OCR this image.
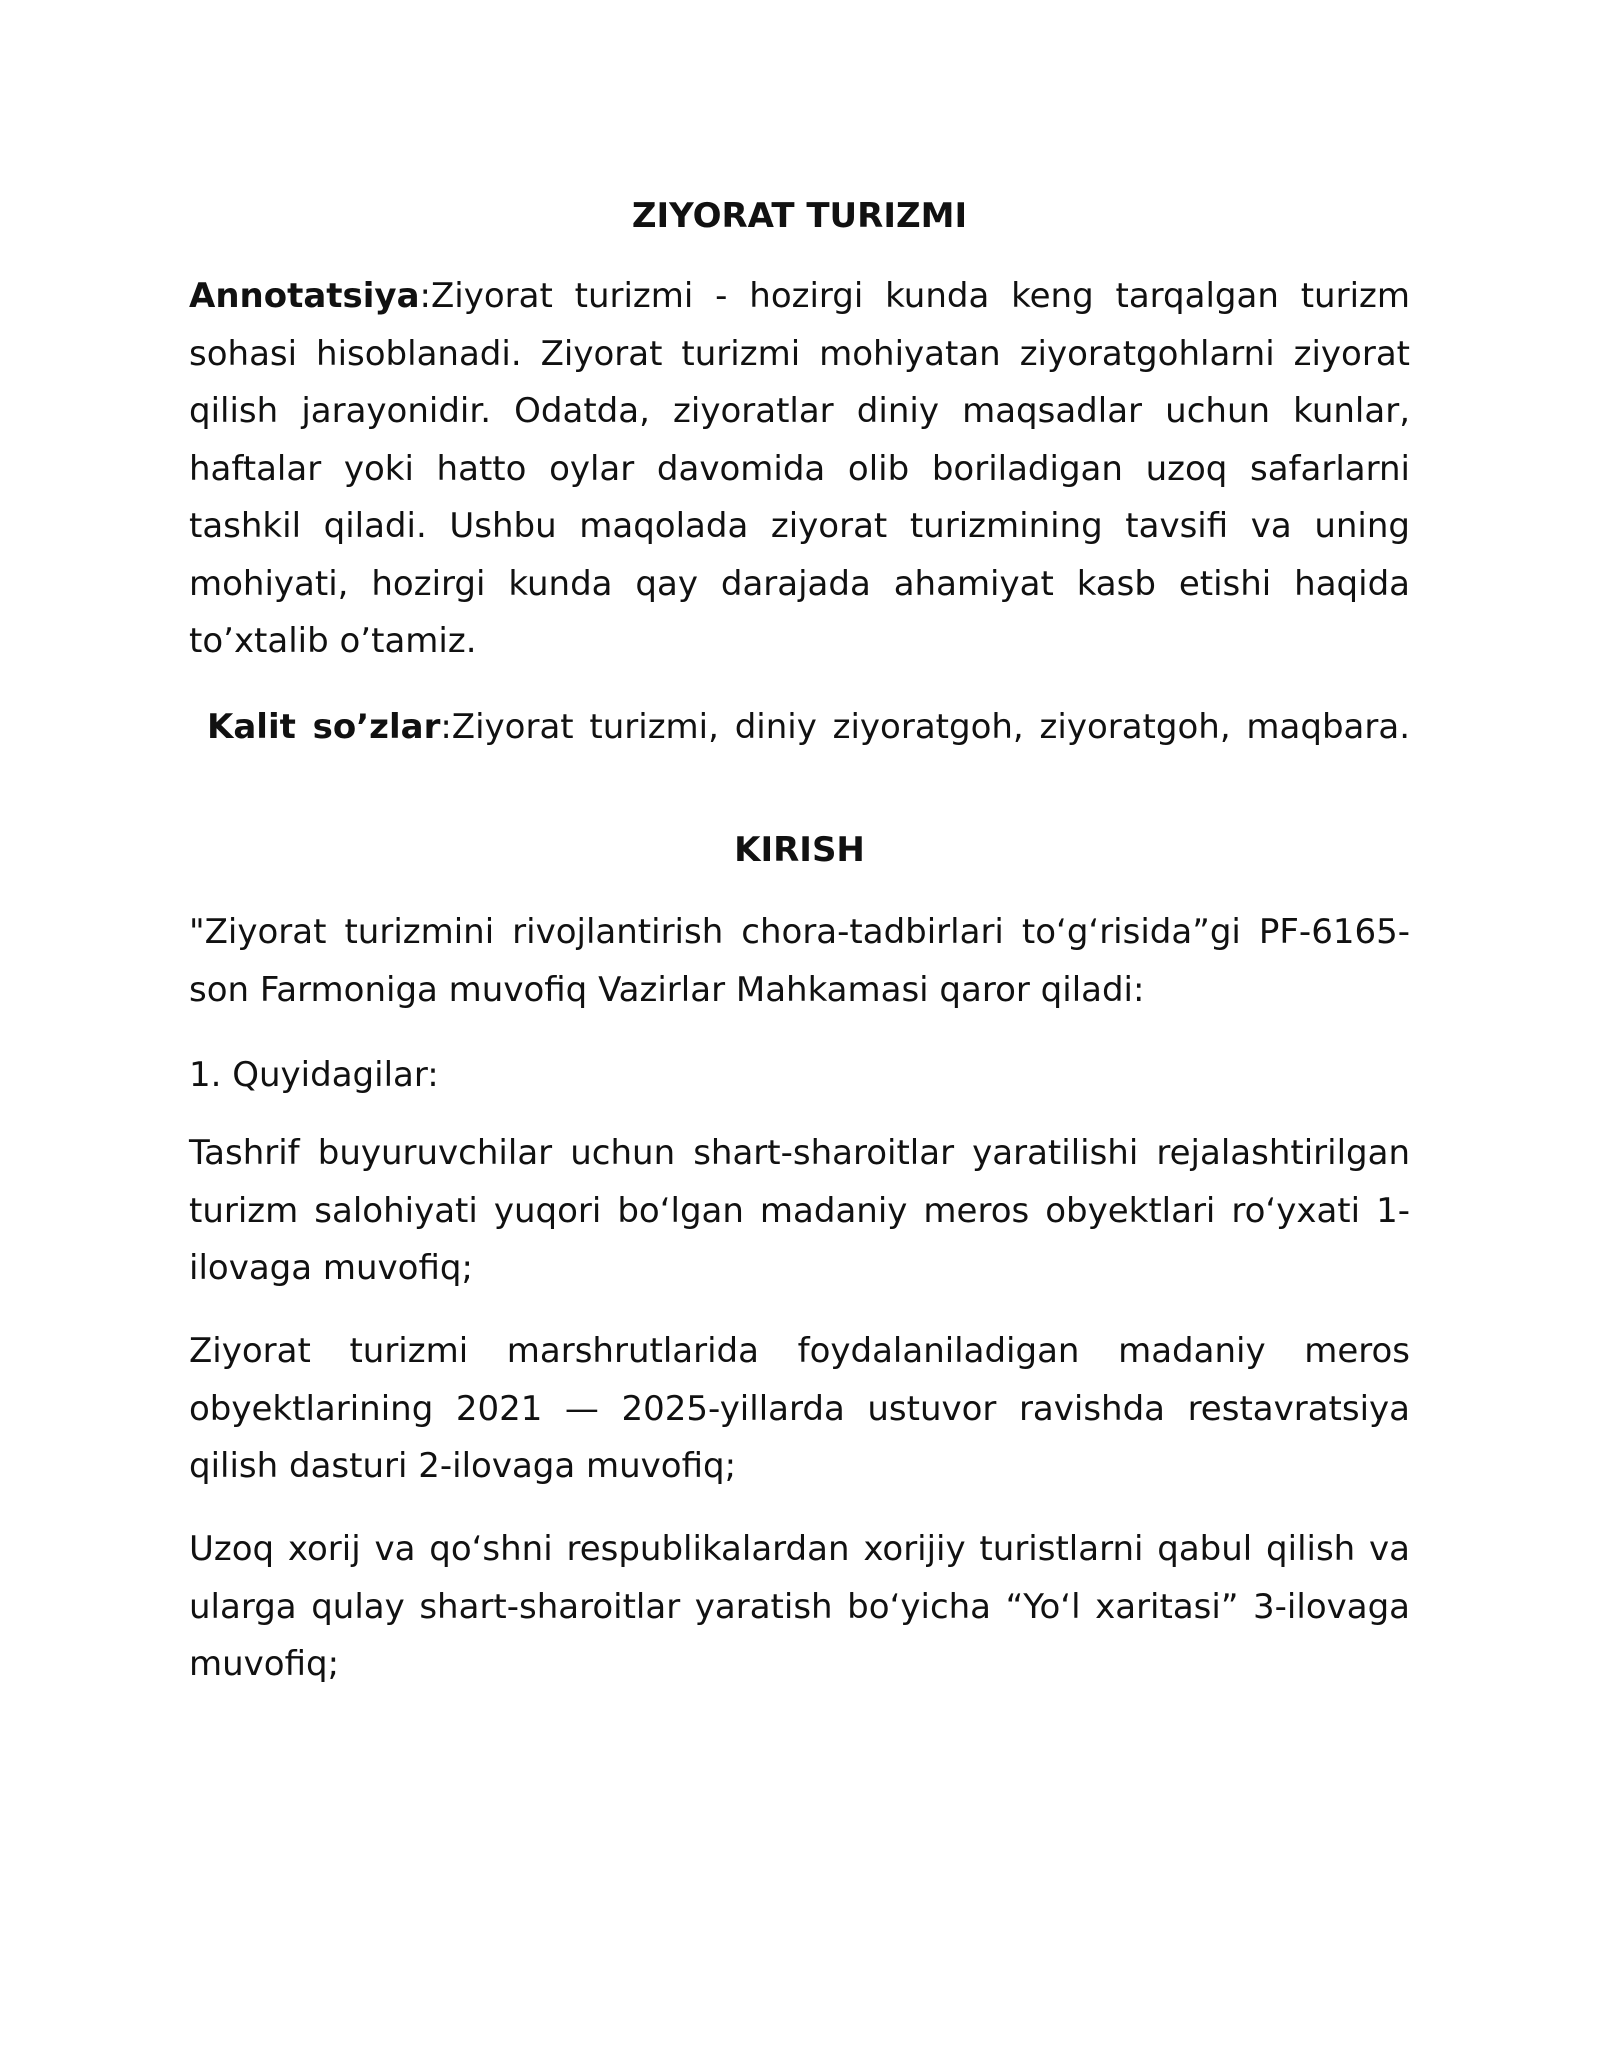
ZIYORAT TURIZMI

Annotatsiya:Ziyorat turizmi - hozirgi kunda keng tarqalgan turizm sohasi hisoblanadi. Ziyorat turizmi mohiyatan ziyoratgohlarni ziyorat qilish jarayonidir. Odatda, ziyoratlar diniy maqsadlar uchun kunlar, haftalar yoki hatto oylar davomida olib boriladigan uzoq safarlarni tashkil qiladi. Ushbu maqolada ziyorat turizmining tavsifi va uning mohiyati, hozirgi kunda qay darajada ahamiyat kasb etishi haqida to’xtalib o’tamiz.

Kalit so’zlar:Ziyorat turizmi, diniy ziyoratgoh, ziyoratgoh, maqbara.

KIRISH

"Ziyorat turizmini rivojlantirish chora-tadbirlari to‘g‘risida”gi PF-6165-son Farmoniga muvofiq Vazirlar Mahkamasi qaror qiladi:

1. Quyidagilar:

Tashrif buyuruvchilar uchun shart-sharoitlar yaratilishi rejalashtirilgan turizm salohiyati yuqori bo‘lgan madaniy meros obyektlari ro‘yxati 1-ilovaga muvofiq;

Ziyorat turizmi marshrutlarida foydalaniladigan madaniy meros obyektlarining 2021 — 2025-yillarda ustuvor ravishda restavratsiya qilish dasturi 2-ilovaga muvofiq;

Uzoq xorij va qo‘shni respublikalardan xorijiy turistlarni qabul qilish va ularga qulay shart-sharoitlar yaratish bo‘yicha “Yo‘l xaritasi” 3-ilovaga muvofiq;
